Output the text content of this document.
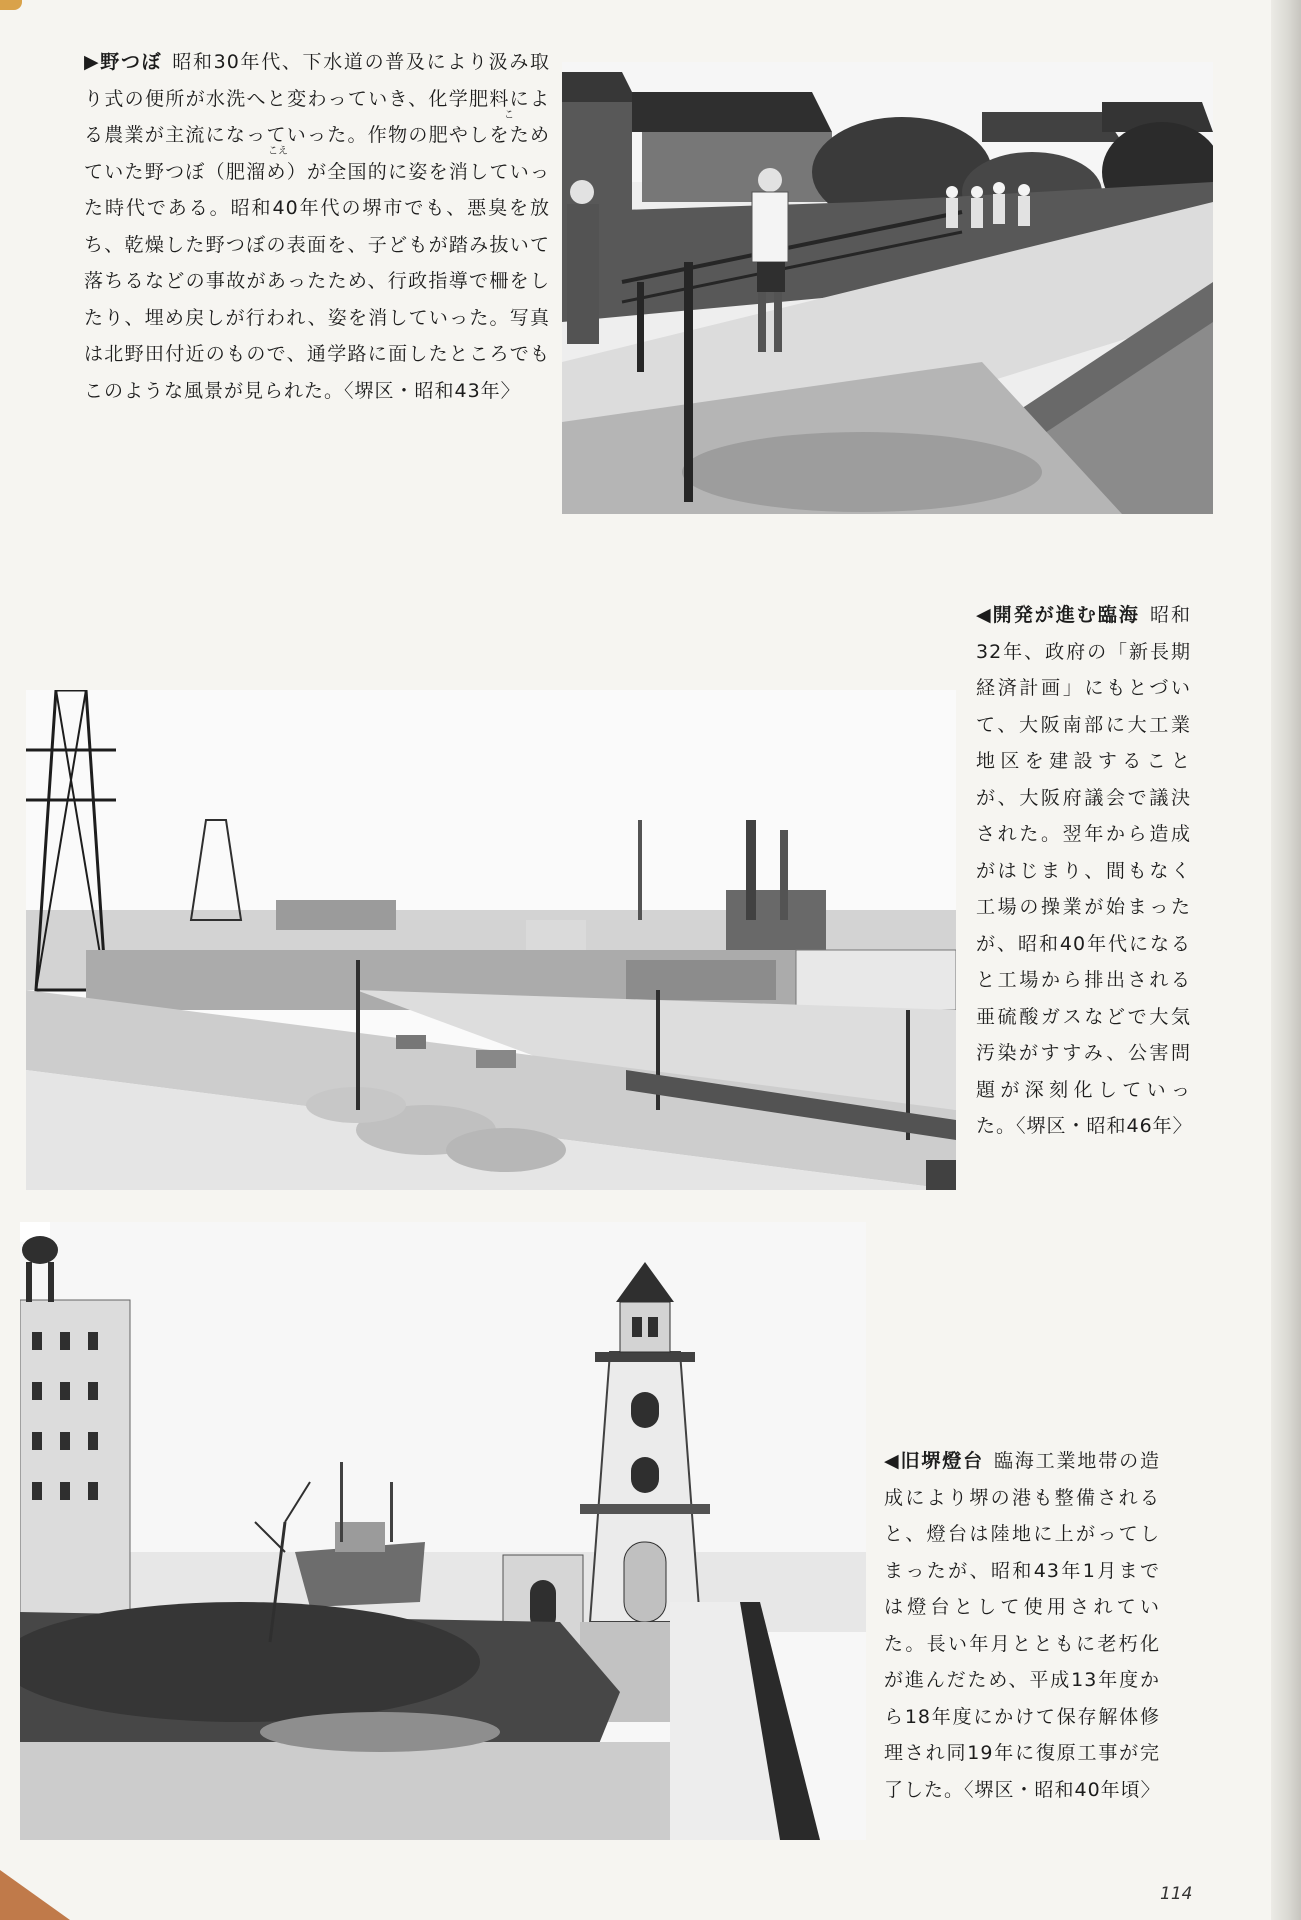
▶野つぼ 昭和30年代、下水道の普及により汲み取り式の便所が水洗へと変わっていき、化学肥料による農業が主流になっていった。作物の肥やしをためていた野つぼ（肥溜め）が全国的に姿を消していった時代である。昭和40年代の堺市でも、悪臭を放ち、乾燥した野つぼの表面を、子どもが踏み抜いて落ちるなどの事故があったため、行政指導で柵をしたり、埋め戻しが行われ、姿を消していった。写真は北野田付近のもので、通学路に面したところでもこのような風景が見られた。〈堺区・昭和43年〉
こ
こえ
◀開発が進む臨海 昭和32年、政府の「新長期経済計画」にもとづいて、大阪南部に大工業地区を建設することが、大阪府議会で議決された。翌年から造成がはじまり、間もなく工場の操業が始まったが、昭和40年代になると工場から排出される亜硫酸ガスなどで大気汚染がすすみ、公害問題が深刻化していった。〈堺区・昭和46年〉
◀旧堺燈台 臨海工業地帯の造成により堺の港も整備されると、燈台は陸地に上がってしまったが、昭和43年1月までは燈台として使用されていた。長い年月とともに老朽化が進んだため、平成13年度から18年度にかけて保存解体修理され同19年に復原工事が完了した。〈堺区・昭和40年頃〉
114
